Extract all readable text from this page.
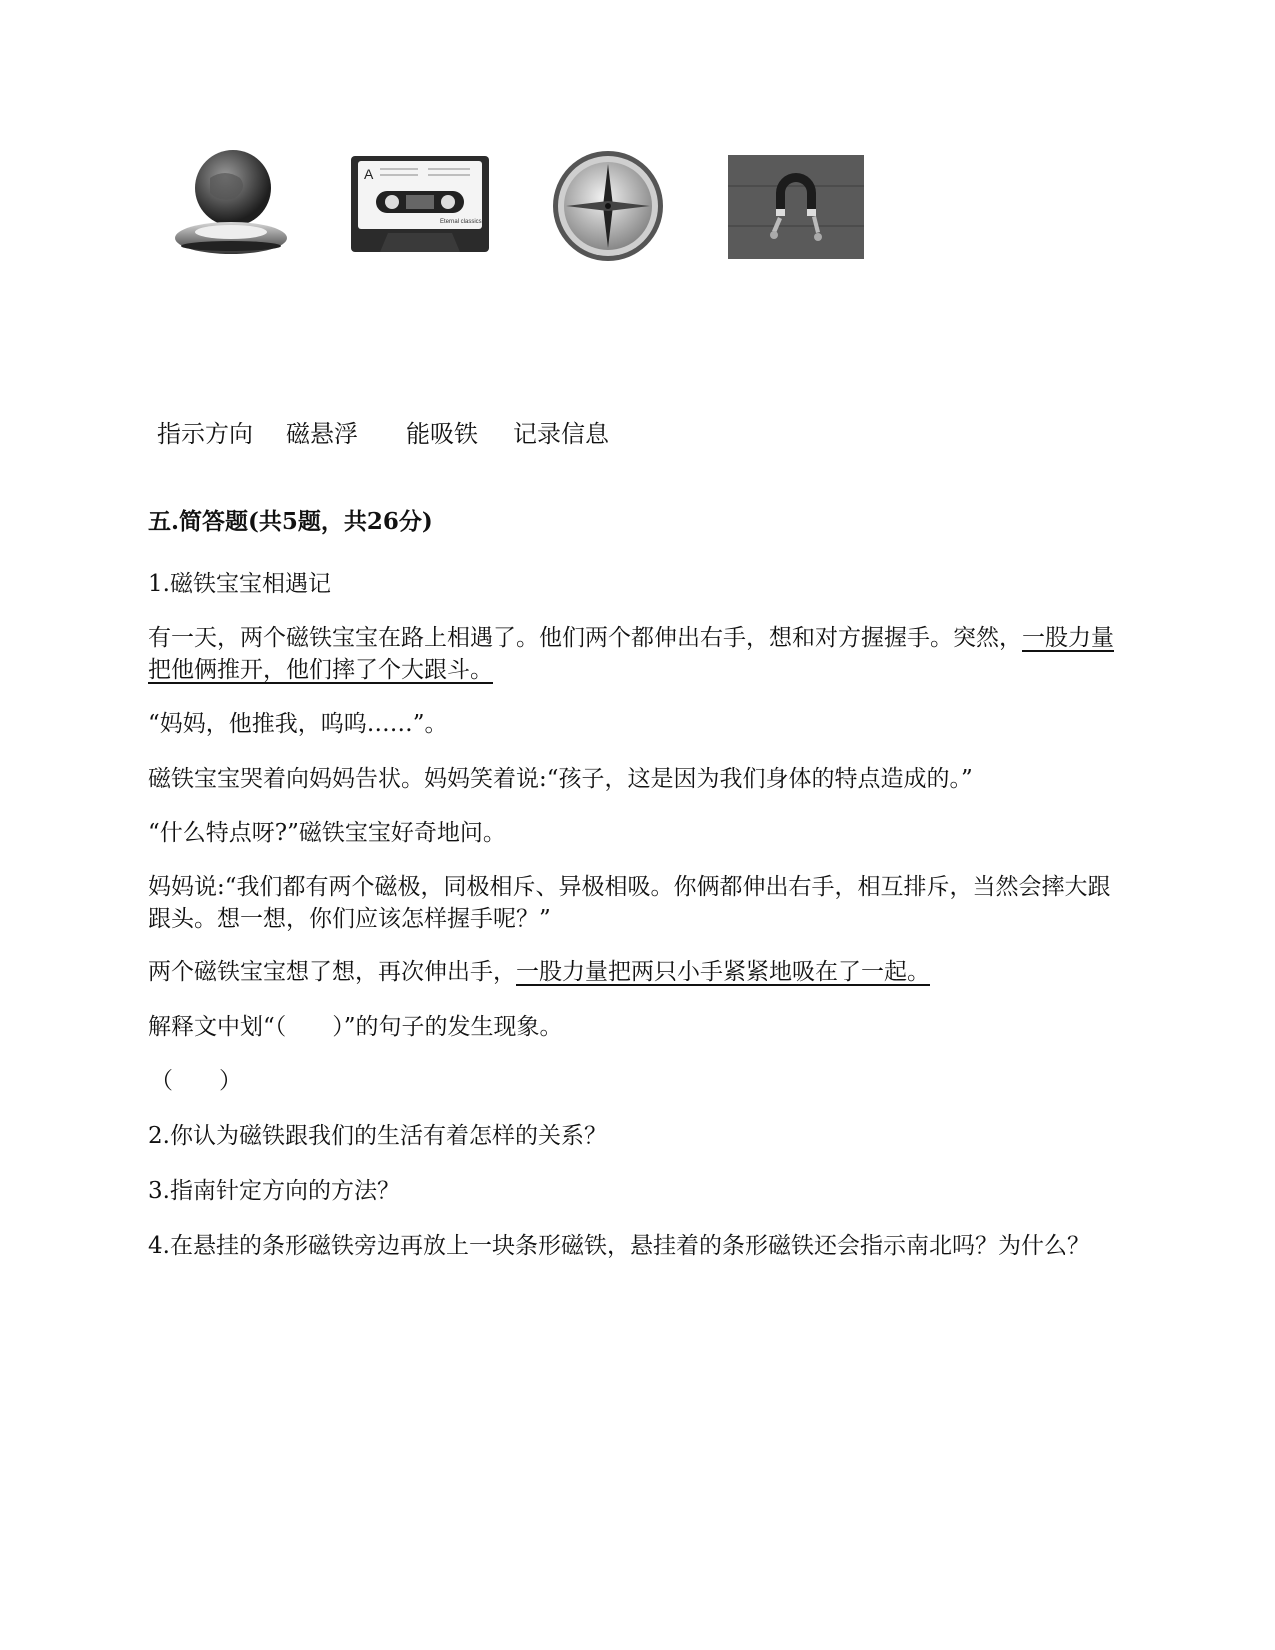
A
Eternal classics
指示方向 磁悬浮 能吸铁 记录信息
五.简答题(共5题，共26分)
1.磁铁宝宝相遇记
有一天，两个磁铁宝宝在路上相遇了。他们两个都伸出右手，想和对方握握手。突然，一股力量把他俩推开，他们摔了个大跟斗。
“妈妈，他推我，呜呜……”。
磁铁宝宝哭着向妈妈告状。妈妈笑着说:“孩子，这是因为我们身体的特点造成的。”
“什么特点呀?”磁铁宝宝好奇地问。
妈妈说:“我们都有两个磁极，同极相斥、异极相吸。你俩都伸出右手，相互排斥，当然会摔大跟跟头。想一想，你们应该怎样握手呢？”
两个磁铁宝宝想了想，再次伸出手，一股力量把两只小手紧紧地吸在了一起。
解释文中划“（　　）”的句子的发生现象。
（　　）
2.你认为磁铁跟我们的生活有着怎样的关系？
3.指南针定方向的方法？
4.在悬挂的条形磁铁旁边再放上一块条形磁铁，悬挂着的条形磁铁还会指示南北吗？为什么？
